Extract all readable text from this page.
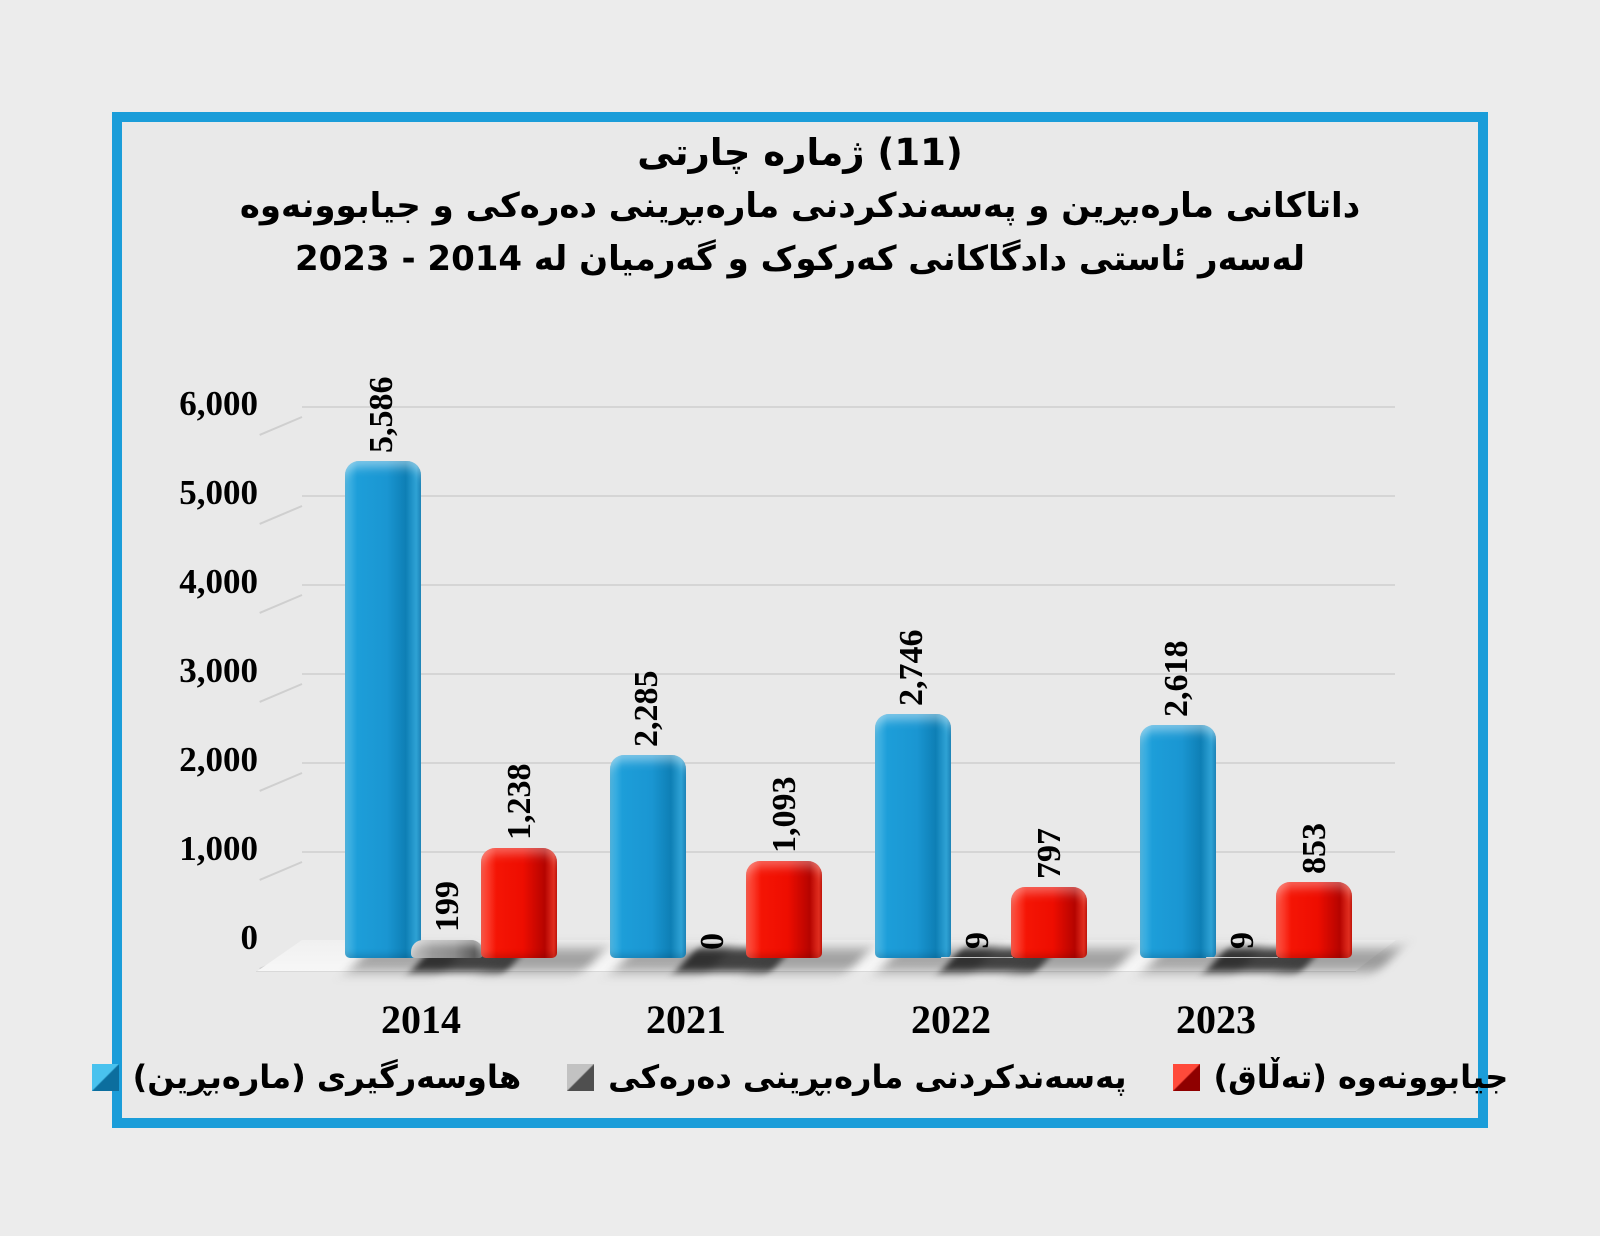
(11) ژمارە چارتی
داتاکانی مارەبڕین و پەسەندکردنی مارەبڕینی دەرەکی و جیابوونەوە
لەسەر ئاستی دادگاکانی کەرکوک و گەرمیان لە 2014 - 2023
6,000
5,000
4,000
3,000
2,000
1,000
0
5,586
199
1,238
2,285
0
1,093
2,746
9
797
2,618
9
853
2014	2021	2022	2023
جیابوونەوە (تەڵاق)
پەسەندکردنی مارەبڕینی دەرەکی
هاوسەرگیری (مارەبڕین)
